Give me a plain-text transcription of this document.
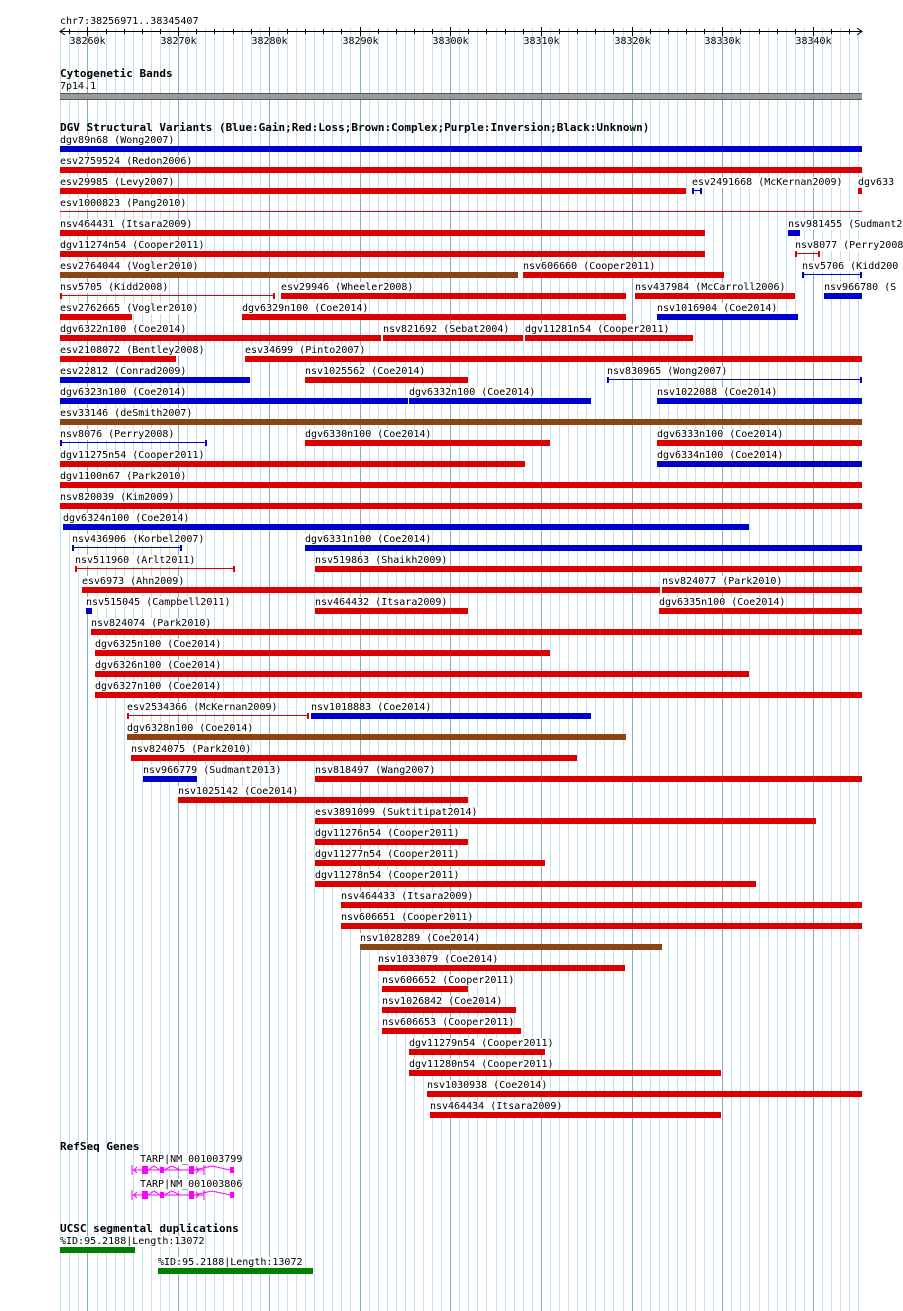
38260k	38270k	38280k	38290k	38300k	38310k	38320k	38330k	38340k
chr7:38256971..38345407
Cytogenetic Bands
7p14.1
DGV Structural Variants (Blue:Gain;Red:Loss;Brown:Complex;Purple:Inversion;Black:Unknown)
dgv89n68 (Wong2007)
esv2759524 (Redon2006)
esv29985 (Levy2007)	esv2491668 (McKernan2009) dgv633
esv1000823 (Pang2010)
nsv464431 (Itsara2009)	nsv981455 (Sudmant2
dgv11274n54 (Cooper2011)	nsv8077 (Perry2008
esv2764044 (Vogler2010)	nsv606660 (Cooper2011)	nsv5706 (Kidd200
nsv5705 (Kidd2008)	esv29946 (Wheeler2008)	nsv437984 (McCarroll2006)	nsv966780 (S
esv2762665 (Vogler2010)	dgv6329n100 (Coe2014)	nsv1016904 (Coe2014)
dgv6322n100 (Coe2014)	nsv821692 (Sebat2004) dgv11281n54 (Cooper2011)
esv2108072 (Bentley2008)	esv34699 (Pinto2007)
esv22812 (Conrad2009)	nsv1025562 (Coe2014)	nsv830965 (Wong2007)
dgv6323n100 (Coe2014)	dgv6332n100 (Coe2014)	nsv1022088 (Coe2014)
esv33146 (deSmith2007)
nsv8076 (Perry2008)	dgv6330n100 (Coe2014)	dgv6333n100 (Coe2014)
dgv11275n54 (Cooper2011)	dgv6334n100 (Coe2014)
dgv1100n67 (Park2010)
nsv820039 (Kim2009)
dgv6324n100 (Coe2014)
nsv436906 (Korbel2007)	dgv6331n100 (Coe2014)
nsv511960 (Arlt2011)	nsv519863 (Shaikh2009)
esv6973 (Ahn2009)	nsv824077 (Park2010)
nsv515045 (Campbell2011)	nsv464432 (Itsara2009)	dgv6335n100 (Coe2014)
nsv824074 (Park2010)
dgv6325n100 (Coe2014)
dgv6326n100 (Coe2014)
dgv6327n100 (Coe2014)
esv2534366 (McKernan2009)	nsv1018883 (Coe2014)
dgv6328n100 (Coe2014)
nsv824075 (Park2010)
nsv966779 (Sudmant2013)	nsv818497 (Wang2007)
nsv1025142 (Coe2014)
esv3891099 (Suktitipat2014)
dgv11276n54 (Cooper2011)
dgv11277n54 (Cooper2011)
dgv11278n54 (Cooper2011)
nsv464433 (Itsara2009)
nsv606651 (Cooper2011)
nsv1028289 (Coe2014)
nsv1033079 (Coe2014)
nsv606652 (Cooper2011)
nsv1026842 (Coe2014)
nsv606653 (Cooper2011)
dgv11279n54 (Cooper2011)
dgv11280n54 (Cooper2011)
nsv1030938 (Coe2014)
nsv464434 (Itsara2009)
RefSeq Genes
TARP|NM_001003799
TARP|NM_001003806
UCSC segmental duplications
%ID:95.2188|Length:13072
%ID:95.2188|Length:13072
